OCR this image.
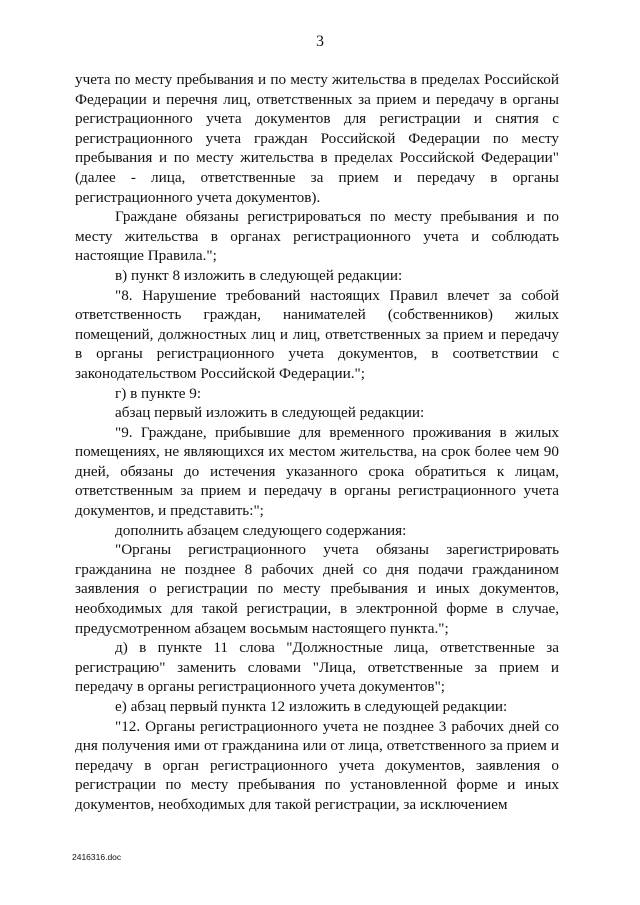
3

учета по месту пребывания и по месту жительства в пределах Российской Федерации и перечня лиц, ответственных за прием и передачу в органы регистрационного учета документов для регистрации и снятия с регистрационного учета граждан Российской Федерации по месту пребывания и по месту жительства в пределах Российской Федерации" (далее - лица, ответственные за прием и передачу в органы регистрационного учета документов).

Граждане обязаны регистрироваться по месту пребывания и по месту жительства в органах регистрационного учета и соблюдать настоящие Правила.";

в) пункт 8 изложить в следующей редакции:

"8. Нарушение требований настоящих Правил влечет за собой ответственность граждан, нанимателей (собственников) жилых помещений, должностных лиц и лиц, ответственных за прием и передачу в органы регистрационного учета документов, в соответствии с законодательством Российской Федерации.";

г) в пункте 9:

абзац первый изложить в следующей редакции:

"9. Граждане, прибывшие для временного проживания в жилых помещениях, не являющихся их местом жительства, на срок более чем 90 дней, обязаны до истечения указанного срока обратиться к лицам, ответственным за прием и передачу в органы регистрационного учета документов, и представить:";

дополнить абзацем следующего содержания:

"Органы регистрационного учета обязаны зарегистрировать гражданина не позднее 8 рабочих дней со дня подачи гражданином заявления о регистрации по месту пребывания и иных документов, необходимых для такой регистрации, в электронной форме в случае, предусмотренном абзацем восьмым настоящего пункта.";

д) в пункте 11 слова "Должностные лица, ответственные за регистрацию" заменить словами "Лица, ответственные за прием и передачу в органы регистрационного учета документов";

е) абзац первый пункта 12 изложить в следующей редакции:

"12. Органы регистрационного учета не позднее 3 рабочих дней со дня получения ими от гражданина или от лица, ответственного за прием и передачу в орган регистрационного учета документов, заявления о регистрации по месту пребывания по установленной форме и иных документов, необходимых для такой регистрации, за исключением

2416316.doc
